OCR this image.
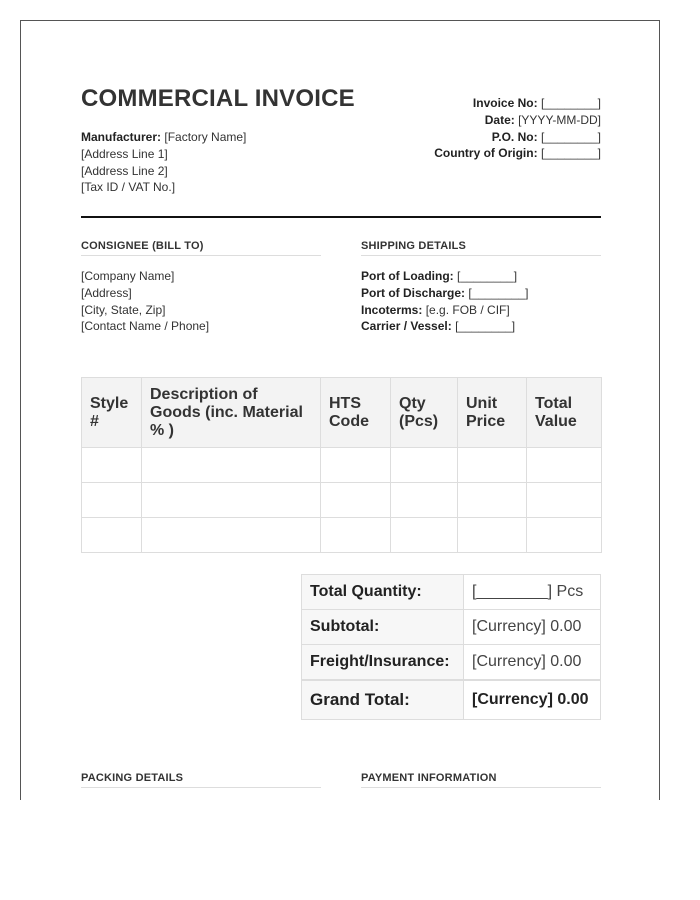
COMMERCIAL INVOICE
Manufacturer: [Factory Name]
[Address Line 1]
[Address Line 2]
[Tax ID / VAT No.]
Invoice No: [________]
Date: [YYYY-MM-DD]
P.O. No: [________]
Country of Origin: [________]
CONSIGNEE (BILL TO)
[Company Name]
[Address]
[City, State, Zip]
[Contact Name / Phone]
SHIPPING DETAILS
Port of Loading: [________]
Port of Discharge: [________]
Incoterms: [e.g. FOB / CIF]
Carrier / Vessel: [________]
Style #	Description of Goods (inc. Material % )	HTS Code	Qty (Pcs)	Unit Price	Total Value

Total Quantity:	[________] Pcs
Subtotal:	[Currency] 0.00
Freight/Insurance:	[Currency] 0.00
Grand Total:	[Currency] 0.00
PACKING DETAILS	PAYMENT INFORMATION
